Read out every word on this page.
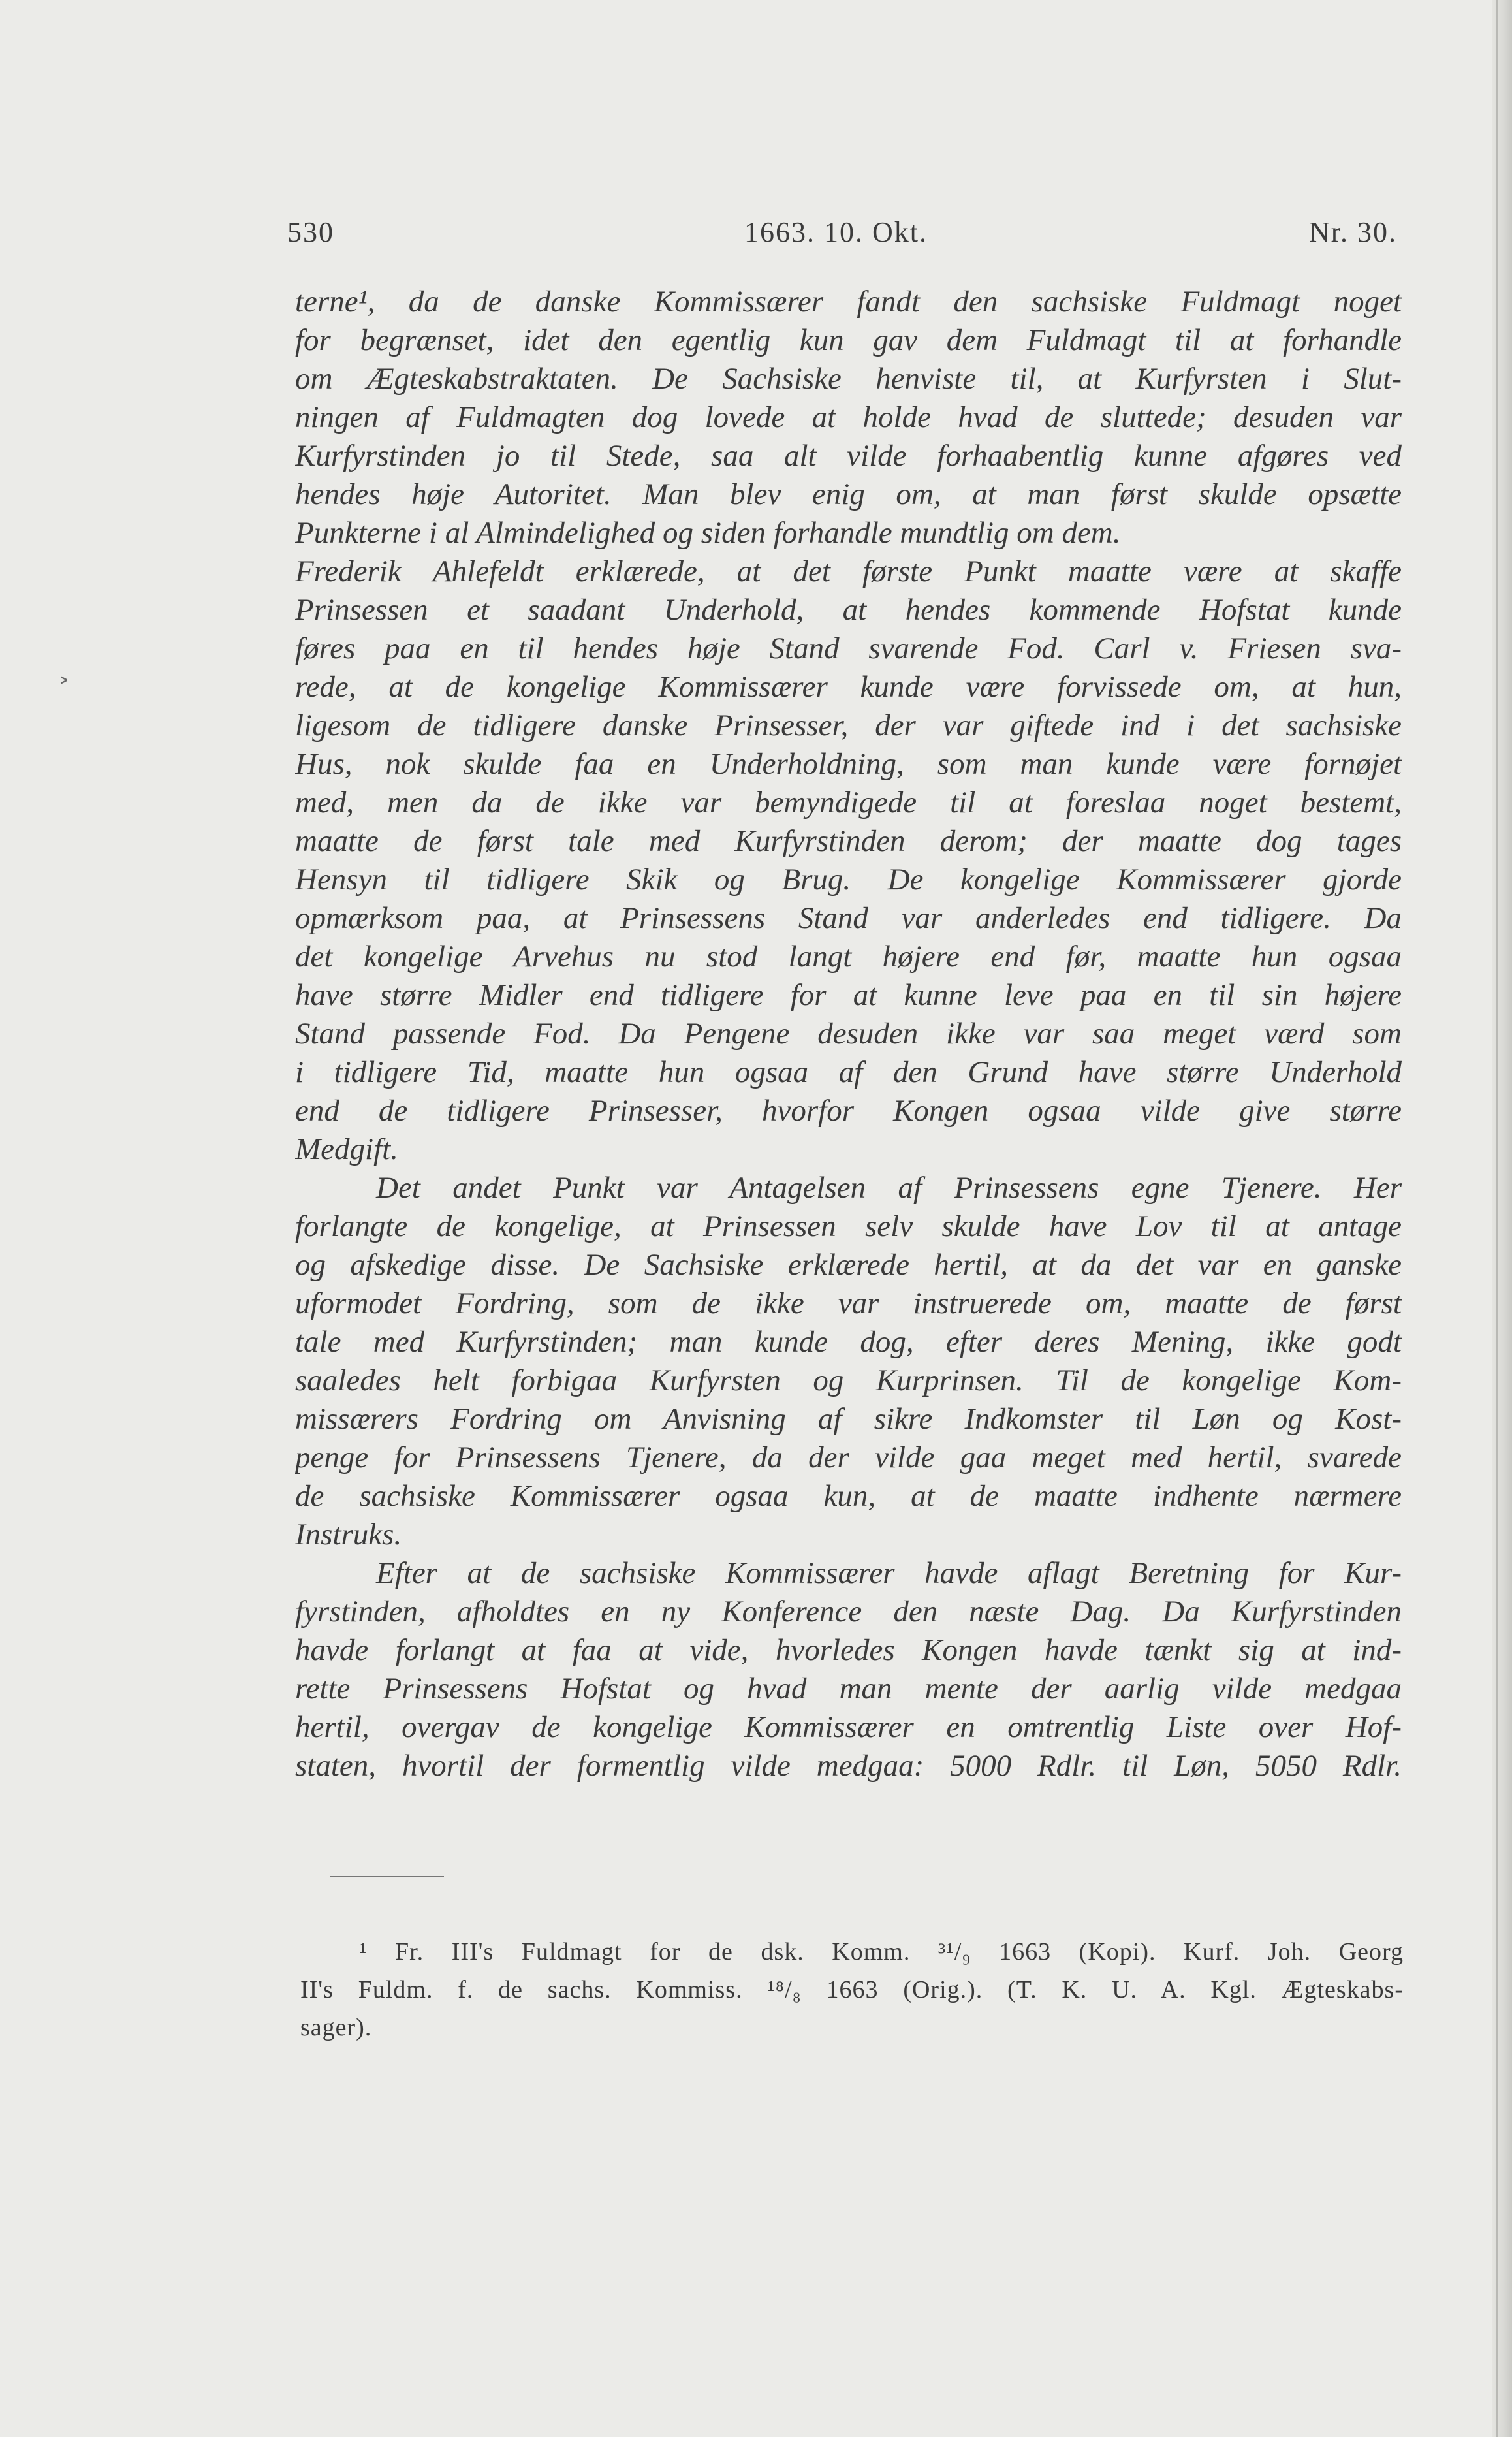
˃
530	1663. 10. Okt.	Nr. 30.
terne¹, da de danske Kommissærer fandt den sachsiske Fuldmagt noget
for begrænset, idet den egentlig kun gav dem Fuldmagt til at forhandle
om Ægteskabstraktaten. De Sachsiske henviste til, at Kurfyrsten i Slut-
ningen af Fuldmagten dog lovede at holde hvad de sluttede; desuden var
Kurfyrstinden jo til Stede, saa alt vilde forhaabentlig kunne afgøres ved
hendes høje Autoritet. Man blev enig om, at man først skulde opsætte
Punkterne i al Almindelighed og siden forhandle mundtlig om dem.
Frederik Ahlefeldt erklærede, at det første Punkt maatte være at skaffe
Prinsessen et saadant Underhold, at hendes kommende Hofstat kunde
føres paa en til hendes høje Stand svarende Fod. Carl v. Friesen sva-
rede, at de kongelige Kommissærer kunde være forvissede om, at hun,
ligesom de tidligere danske Prinsesser, der var giftede ind i det sachsiske
Hus, nok skulde faa en Underholdning, som man kunde være fornøjet
med, men da de ikke var bemyndigede til at foreslaa noget bestemt,
maatte de først tale med Kurfyrstinden derom; der maatte dog tages
Hensyn til tidligere Skik og Brug. De kongelige Kommissærer gjorde
opmærksom paa, at Prinsessens Stand var anderledes end tidligere. Da
det kongelige Arvehus nu stod langt højere end før, maatte hun ogsaa
have større Midler end tidligere for at kunne leve paa en til sin højere
Stand passende Fod. Da Pengene desuden ikke var saa meget værd som
i tidligere Tid, maatte hun ogsaa af den Grund have større Underhold
end de tidligere Prinsesser, hvorfor Kongen ogsaa vilde give større
Medgift.
Det andet Punkt var Antagelsen af Prinsessens egne Tjenere. Her
forlangte de kongelige, at Prinsessen selv skulde have Lov til at antage
og afskedige disse. De Sachsiske erklærede hertil, at da det var en ganske
uformodet Fordring, som de ikke var instruerede om, maatte de først
tale med Kurfyrstinden; man kunde dog, efter deres Mening, ikke godt
saaledes helt forbigaa Kurfyrsten og Kurprinsen. Til de kongelige Kom-
missærers Fordring om Anvisning af sikre Indkomster til Løn og Kost-
penge for Prinsessens Tjenere, da der vilde gaa meget med hertil, svarede
de sachsiske Kommissærer ogsaa kun, at de maatte indhente nærmere
Instruks.
Efter at de sachsiske Kommissærer havde aflagt Beretning for Kur-
fyrstinden, afholdtes en ny Konference den næste Dag. Da Kurfyrstinden
havde forlangt at faa at vide, hvorledes Kongen havde tænkt sig at ind-
rette Prinsessens Hofstat og hvad man mente der aarlig vilde medgaa
hertil, overgav de kongelige Kommissærer en omtrentlig Liste over Hof-
staten, hvortil der formentlig vilde medgaa: 5000 Rdlr. til Løn, 5050 Rdlr.
¹ Fr. III's Fuldmagt for de dsk. Komm. ³¹/₉ 1663 (Kopi). Kurf. Joh. Georg
II's Fuldm. f. de sachs. Kommiss. ¹⁸/₈ 1663 (Orig.). (T. K. U. A. Kgl. Ægteskabs-
sager).
